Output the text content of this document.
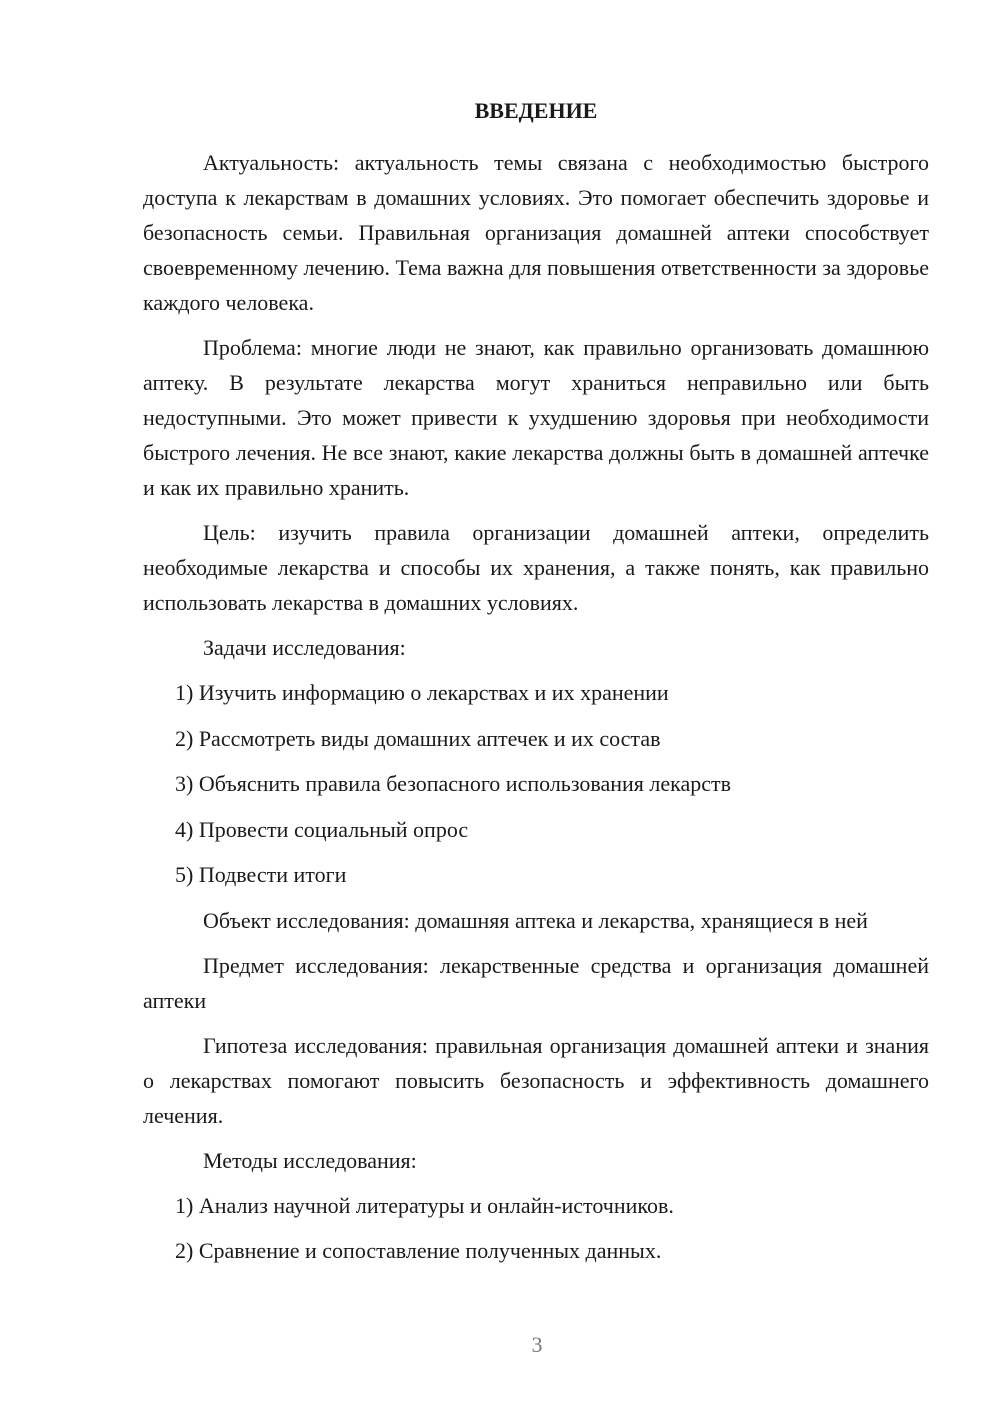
ВВЕДЕНИЕ

Актуальность: актуальность темы связана с необходимостью быстрого доступа к лекарствам в домашних условиях. Это помогает обеспечить здоровье и безопасность семьи. Правильная организация домашней аптеки способствует своевременному лечению. Тема важна для повышения ответственности за здоровье каждого человека.

Проблема: многие люди не знают, как правильно организовать домашнюю аптеку. В результате лекарства могут храниться неправильно или быть недоступными. Это может привести к ухудшению здоровья при необходимости быстрого лечения. Не все знают, какие лекарства должны быть в домашней аптечке и как их правильно хранить.

Цель: изучить правила организации домашней аптеки, определить необходимые лекарства и способы их хранения, а также понять, как правильно использовать лекарства в домашних условиях.

Задачи исследования:

1) Изучить информацию о лекарствах и их хранении
2) Рассмотреть виды домашних аптечек и их состав
3) Объяснить правила безопасного использования лекарств
4) Провести социальный опрос
5) Подвести итоги

Объект исследования: домашняя аптека и лекарства, хранящиеся в ней

Предмет исследования: лекарственные средства и организация домашней аптеки

Гипотеза исследования: правильная организация домашней аптеки и знания о лекарствах помогают повысить безопасность и эффективность домашнего лечения.

Методы исследования:

1) Анализ научной литературы и онлайн-источников.
2) Сравнение и сопоставление полученных данных.
3
